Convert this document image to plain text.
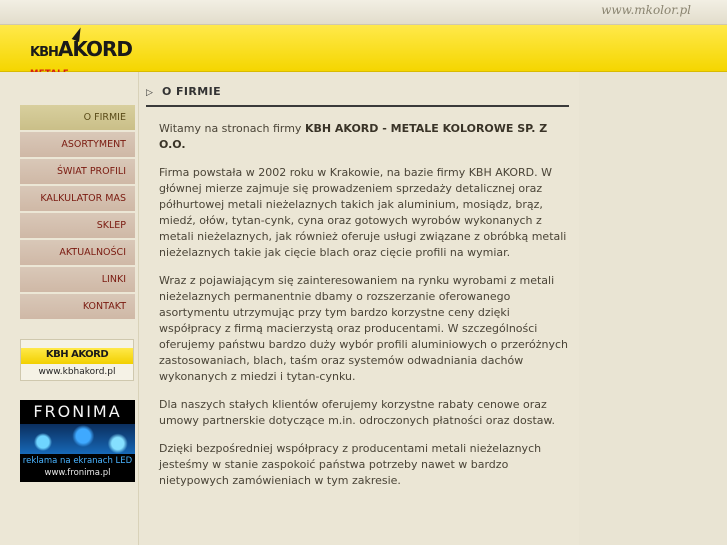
www.mkolor.pl
KBHAKORD
O FIRMIE
ASORTYMENT
ŚWIAT PROFILI
KALKULATOR MAS
SKLEP
AKTUALNOŚCI
LINKI
KONTAKT
KBH AKORD
www.kbhakord.pl
FRONIMA
reklama na ekranach LED
www.fronima.pl
▷ O FIRMIE

Witamy na stronach firmy KBH AKORD - METALE KOLOROWE SP. Z O.O.

Firma powstała w 2002 roku w Krakowie, na bazie firmy KBH AKORD. W głównej mierze zajmuje się prowadzeniem sprzedaży detalicznej oraz półhurtowej metali nieżelaznych takich jak aluminium, mosiądz, brąz, miedź, ołów, tytan-cynk, cyna oraz gotowych wyrobów wykonanych z metali nieżelaznych, jak również oferuje usługi związane z obróbką metali nieżelaznych takie jak cięcie blach oraz cięcie profili na wymiar.

Wraz z pojawiającym się zainteresowaniem na rynku wyrobami z metali nieżelaznych permanentnie dbamy o rozszerzanie oferowanego asortymentu utrzymując przy tym bardzo korzystne ceny dzięki współpracy z firmą macierzystą oraz producentami. W szczególności oferujemy państwu bardzo duży wybór profili aluminiowych o przeróżnych zastosowaniach, blach, taśm oraz systemów odwadniania dachów wykonanych z miedzi i tytan-cynku.

Dla naszych stałych klientów oferujemy korzystne rabaty cenowe oraz umowy partnerskie dotyczące m.in. odroczonych płatności oraz dostaw.

Dzięki bezpośredniej współpracy z producentami metali nieżelaznych jesteśmy w stanie zaspokoić państwa potrzeby nawet w bardzo nietypowych zamówieniach w tym zakresie.
